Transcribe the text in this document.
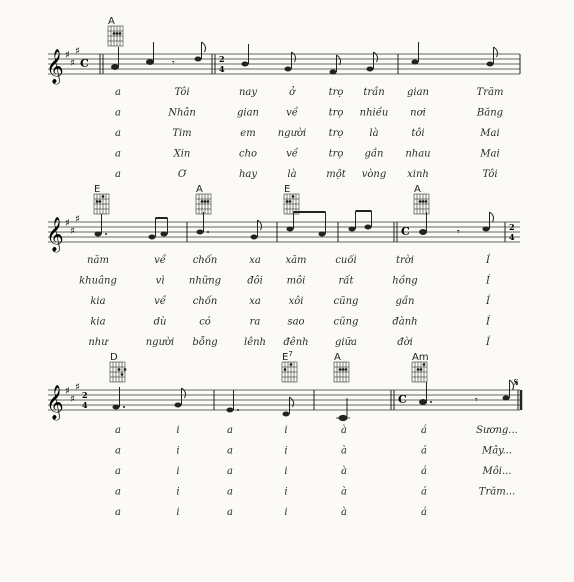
𝄞 ♯
♯
♯
C	𝄾	2
4
A
a	Tôi	nay	ở	trọ trần gian	Trăm
a	Nhân	gian	về	trọ nhiều nơi	Băng
a	Tim	em người trọ	là	tôi	Mai
a	Xin	cho	về	trọ gần nhau	Mai
a	Ơ	hay	là	một vòng xinh	Tôi
𝄞 ♯
♯
♯
C	𝄾	2
4
E	A	E	A
năm	về	chốn	xa xăm	cuối	trời	Í
khuâng	vì những	đôi môi	rất	hồng	Í
kia	về	chốn	xa	xôi	cũng	gần	Í
kia	dù	có	ra	sao	cũng	đành	Í
như	người bỗng	lênh đênh	giữa	đời	Í
𝄞 ♯
♯
♯
2
4	C	𝄾
𝄋
D	$E^7$	A	Am
a	i	a	i	à	á	Sương...
a	i	a	i	à	á	Mây...
a	i	a	i	à	á	Môi...
a	i	a	i	à	á	Trăm...
a	i	a	i	à	á
